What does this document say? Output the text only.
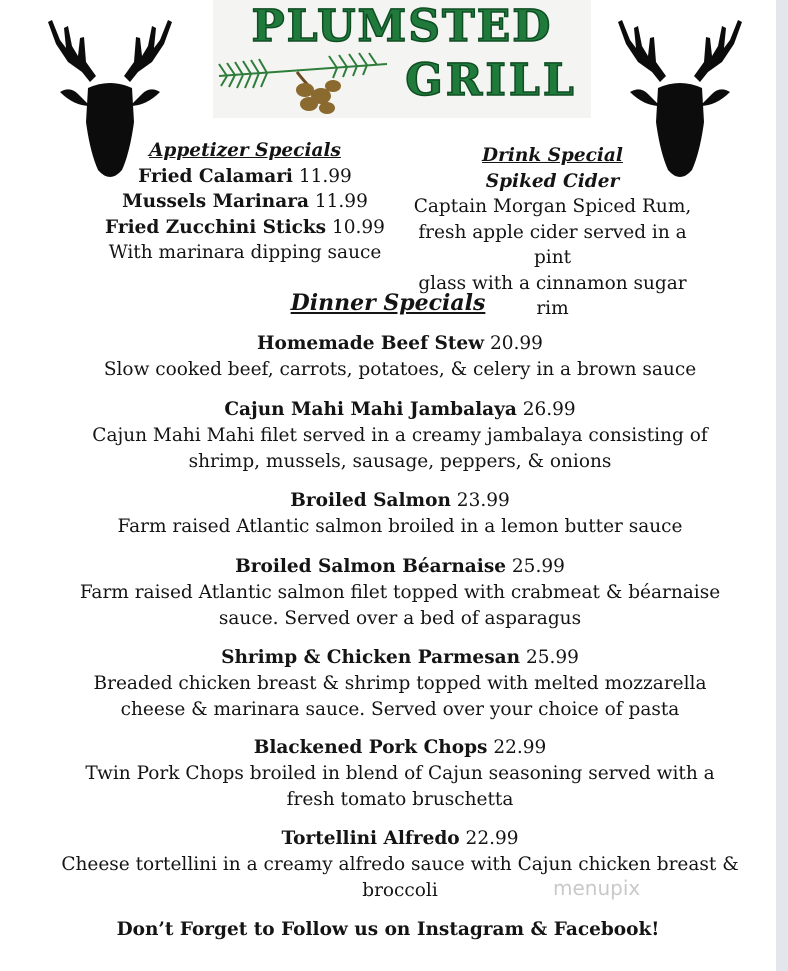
PLUMSTED
GRILL
Appetizer Specials
Fried Calamari 11.99
Mussels Marinara 11.99
Fried Zucchini Sticks 10.99
With marinara dipping sauce
Drink Special
Spiked Cider
Captain Morgan Spiced Rum,
fresh apple cider served in a pint
glass with a cinnamon sugar rim
Dinner Specials
Homemade Beef Stew 20.99
Slow cooked beef, carrots, potatoes, & celery in a brown sauce
Cajun Mahi Mahi Jambalaya 26.99
Cajun Mahi Mahi filet served in a creamy jambalaya consisting of
shrimp, mussels, sausage, peppers, & onions
Broiled Salmon 23.99
Farm raised Atlantic salmon broiled in a lemon butter sauce
Broiled Salmon Béarnaise 25.99
Farm raised Atlantic salmon filet topped with crabmeat & béarnaise
sauce. Served over a bed of asparagus
Shrimp & Chicken Parmesan 25.99
Breaded chicken breast & shrimp topped with melted mozzarella
cheese & marinara sauce. Served over your choice of pasta
Blackened Pork Chops 22.99
Twin Pork Chops broiled in blend of Cajun seasoning served with a
fresh tomato bruschetta
Tortellini Alfredo 22.99
Cheese tortellini in a creamy alfredo sauce with Cajun chicken breast &
broccoli	menupix
Don’t Forget to Follow us on Instagram & Facebook!
